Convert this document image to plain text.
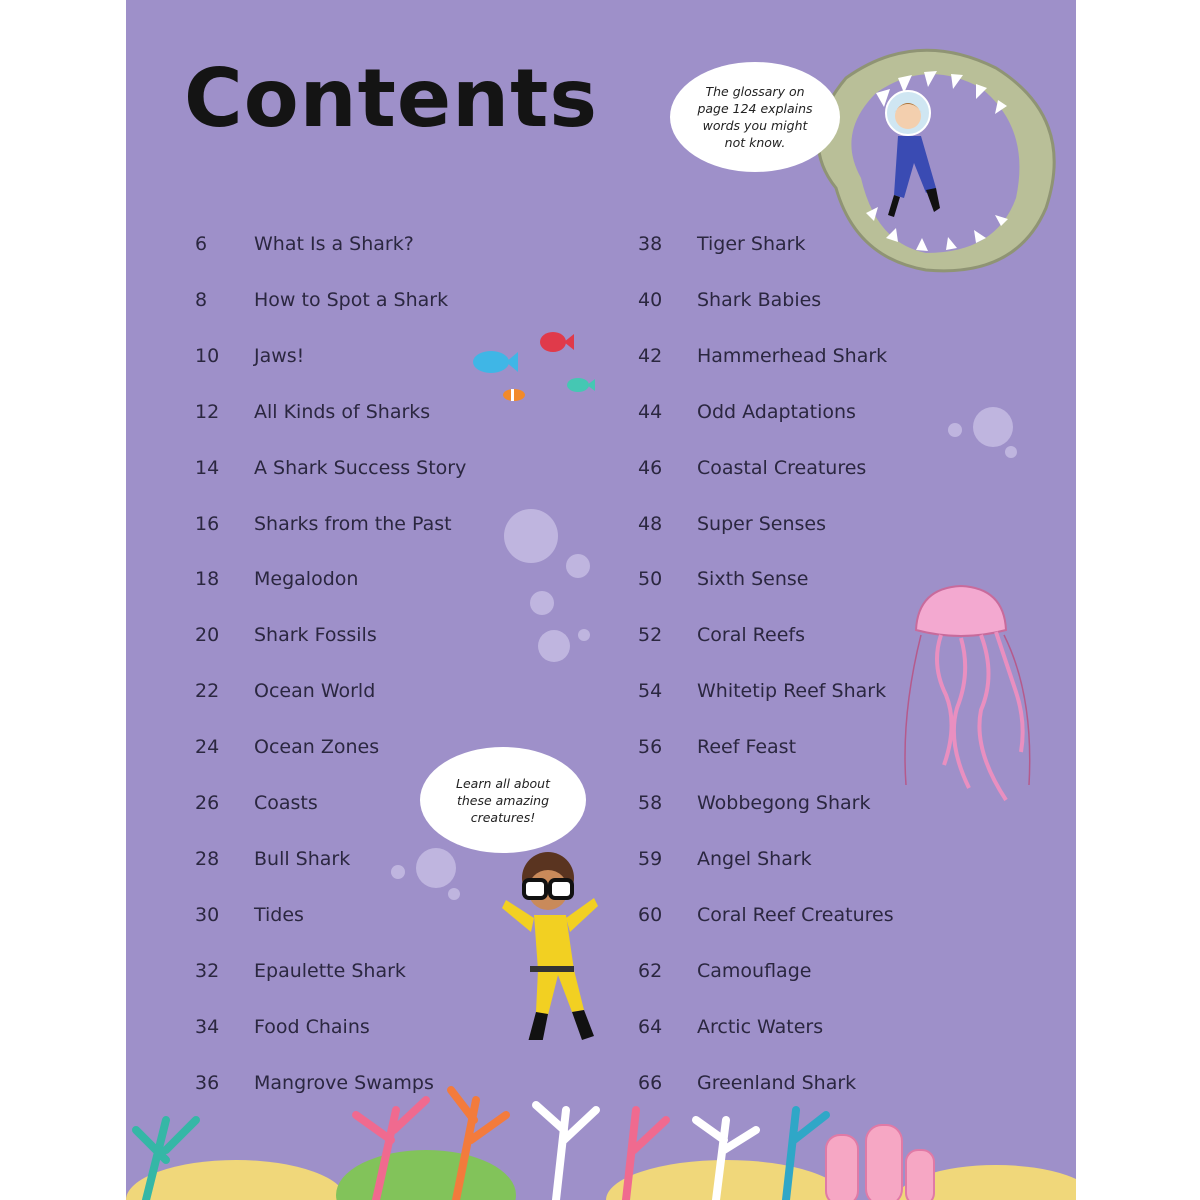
Contents	The glossary on page 124 explains words you might not know.
Learn all about these amazing creatures!
6	What Is a Shark?
8	How to Spot a Shark
10	Jaws!
12	All Kinds of Sharks
14	A Shark Success Story
16	Sharks from the Past
18	Megalodon
20	Shark Fossils
22	Ocean World
24	Ocean Zones
26	Coasts
28	Bull Shark
30	Tides
32	Epaulette Shark
34	Food Chains
36	Mangrove Swamps
38	Tiger Shark
40	Shark Babies
42	Hammerhead Shark
44	Odd Adaptations
46	Coastal Creatures
48	Super Senses
50	Sixth Sense
52	Coral Reefs
54	Whitetip Reef Shark
56	Reef Feast
58	Wobbegong Shark
59	Angel Shark
60	Coral Reef Creatures
62	Camouflage
64	Arctic Waters
66	Greenland Shark
